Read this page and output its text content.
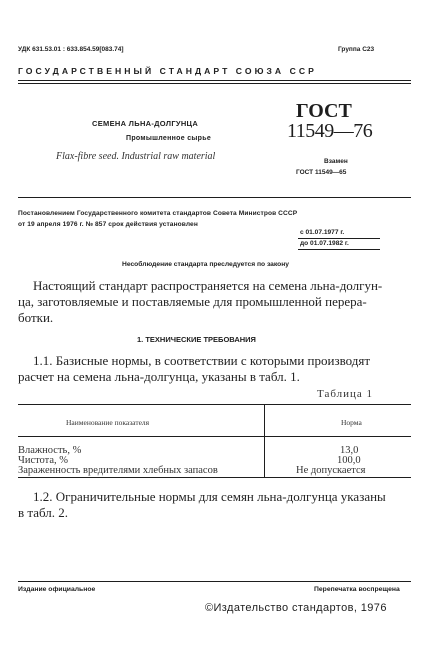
УДК 631.53.01 : 633.854.59[083.74]	Группа С23
ГОСУДАРСТВЕННЫЙ СТАНДАРТ СОЮЗА ССР
СЕМЕНА ЛЬНА-ДОЛГУНЦА
Промышленное сырье
Flax-fibre seed. Industrial raw material
ГОСТ
11549—76
Взамен
ГОСТ 11549—65
Постановлением Государственного комитета стандартов Совета Министров СССР
от 19 апреля 1976 г. № 857 срок действия установлен
с 01.07.1977 г.
до 01.07.1982 г.
Несоблюдение стандарта преследуется по закону
Настоящий стандарт распространяется на семена льна-долгун-
ца, заготовляемые и поставляемые для промышленной перера-
ботки.
1. ТЕХНИЧЕСКИЕ ТРЕБОВАНИЯ
1.1. Базисные нормы, в соответствии с которыми производят
расчет на семена льна-долгунца, указаны в табл. 1.
Таблица 1
Наименование показателя	Норма
Влажность, %	13,0
Чистота, %	100,0
Зараженность вредителями хлебных запасов	Не допускается
1.2. Ограничительные нормы для семян льна-долгунца указаны
в табл. 2.
Издание официальное	Перепечатка воспрещена
©Издательство стандартов, 1976
